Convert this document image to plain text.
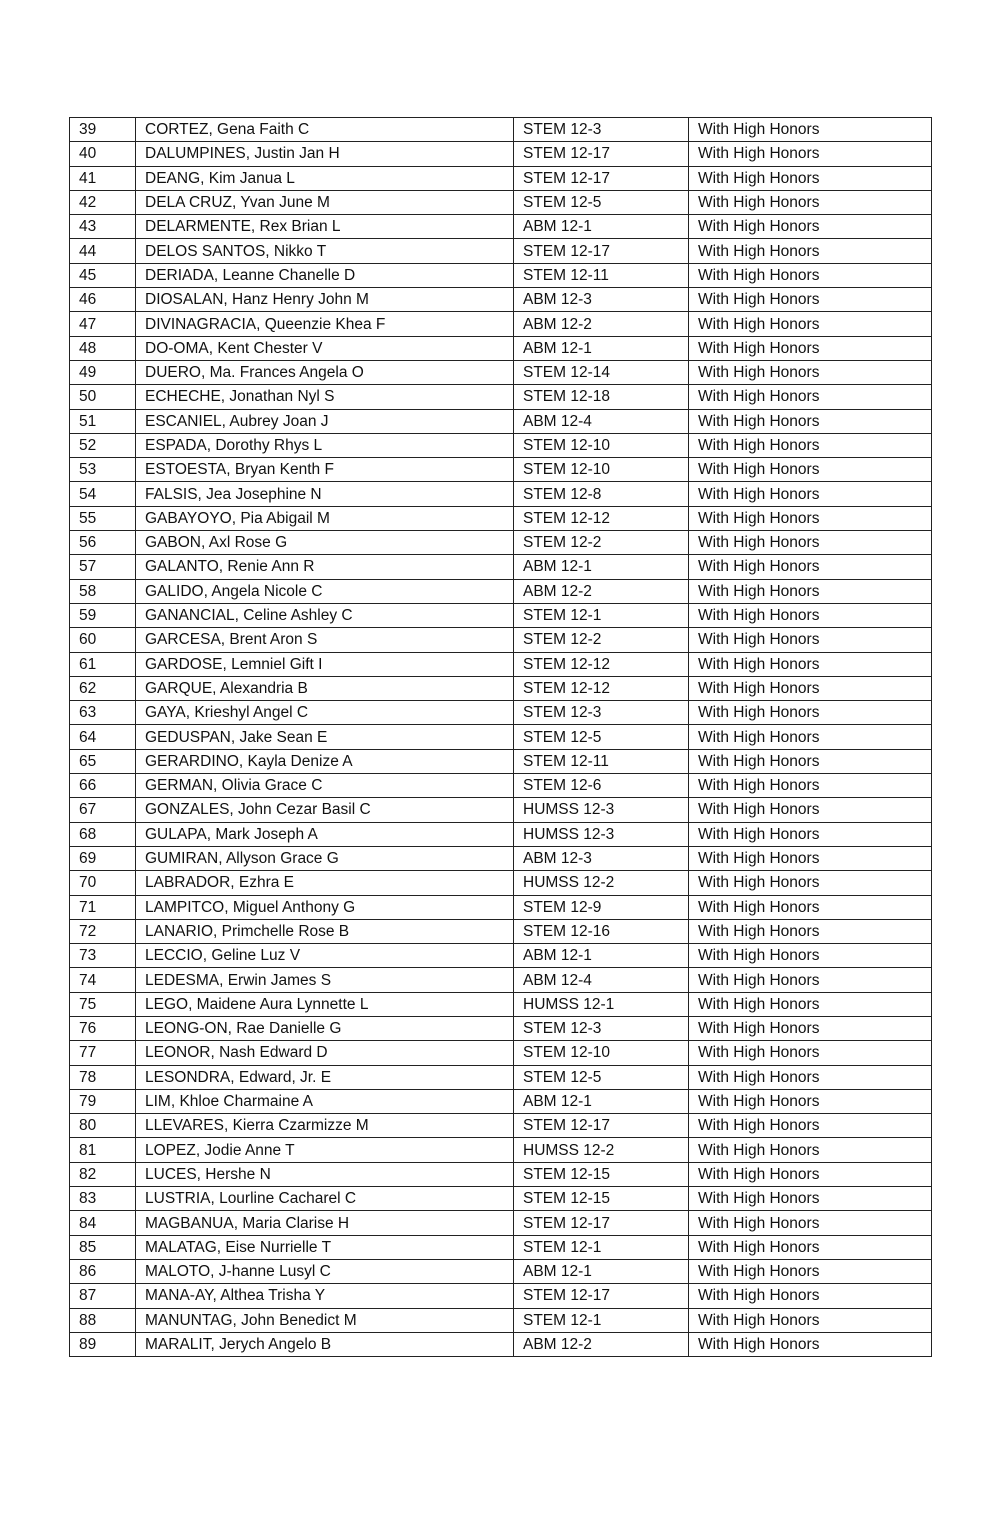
39	CORTEZ, Gena Faith C	STEM 12-3	With High Honors
40	DALUMPINES, Justin Jan H	STEM 12-17	With High Honors
41	DEANG, Kim Janua L	STEM 12-17	With High Honors
42	DELA CRUZ, Yvan June M	STEM 12-5	With High Honors
43	DELARMENTE, Rex Brian L	ABM 12-1	With High Honors
44	DELOS SANTOS, Nikko T	STEM 12-17	With High Honors
45	DERIADA, Leanne Chanelle D	STEM 12-11	With High Honors
46	DIOSALAN, Hanz Henry John M	ABM 12-3	With High Honors
47	DIVINAGRACIA, Queenzie Khea F	ABM 12-2	With High Honors
48	DO-OMA, Kent Chester V	ABM 12-1	With High Honors
49	DUERO, Ma. Frances Angela O	STEM 12-14	With High Honors
50	ECHECHE, Jonathan Nyl S	STEM 12-18	With High Honors
51	ESCANIEL, Aubrey Joan J	ABM 12-4	With High Honors
52	ESPADA, Dorothy Rhys L	STEM 12-10	With High Honors
53	ESTOESTA, Bryan Kenth F	STEM 12-10	With High Honors
54	FALSIS, Jea Josephine N	STEM 12-8	With High Honors
55	GABAYOYO, Pia Abigail M	STEM 12-12	With High Honors
56	GABON, Axl Rose G	STEM 12-2	With High Honors
57	GALANTO, Renie Ann R	ABM 12-1	With High Honors
58	GALIDO, Angela Nicole C	ABM 12-2	With High Honors
59	GANANCIAL, Celine Ashley C	STEM 12-1	With High Honors
60	GARCESA, Brent Aron S	STEM 12-2	With High Honors
61	GARDOSE, Lemniel Gift I	STEM 12-12	With High Honors
62	GARQUE, Alexandria B	STEM 12-12	With High Honors
63	GAYA, Krieshyl Angel C	STEM 12-3	With High Honors
64	GEDUSPAN, Jake Sean E	STEM 12-5	With High Honors
65	GERARDINO, Kayla Denize A	STEM 12-11	With High Honors
66	GERMAN, Olivia Grace C	STEM 12-6	With High Honors
67	GONZALES, John Cezar Basil C	HUMSS 12-3	With High Honors
68	GULAPA, Mark Joseph A	HUMSS 12-3	With High Honors
69	GUMIRAN, Allyson Grace G	ABM 12-3	With High Honors
70	LABRADOR, Ezhra E	HUMSS 12-2	With High Honors
71	LAMPITCO, Miguel Anthony G	STEM 12-9	With High Honors
72	LANARIO, Primchelle Rose B	STEM 12-16	With High Honors
73	LECCIO, Geline Luz V	ABM 12-1	With High Honors
74	LEDESMA, Erwin James S	ABM 12-4	With High Honors
75	LEGO, Maidene Aura Lynnette L	HUMSS 12-1	With High Honors
76	LEONG-ON, Rae Danielle G	STEM 12-3	With High Honors
77	LEONOR, Nash Edward D	STEM 12-10	With High Honors
78	LESONDRA, Edward, Jr. E	STEM 12-5	With High Honors
79	LIM, Khloe Charmaine A	ABM 12-1	With High Honors
80	LLEVARES, Kierra Czarmizze M	STEM 12-17	With High Honors
81	LOPEZ, Jodie Anne T	HUMSS 12-2	With High Honors
82	LUCES, Hershe N	STEM 12-15	With High Honors
83	LUSTRIA, Lourline Cacharel C	STEM 12-15	With High Honors
84	MAGBANUA, Maria Clarise H	STEM 12-17	With High Honors
85	MALATAG, Eise Nurrielle T	STEM 12-1	With High Honors
86	MALOTO, J-hanne Lusyl C	ABM 12-1	With High Honors
87	MANA-AY, Althea Trisha Y	STEM 12-17	With High Honors
88	MANUNTAG, John Benedict M	STEM 12-1	With High Honors
89	MARALIT, Jerych Angelo B	ABM 12-2	With High Honors
